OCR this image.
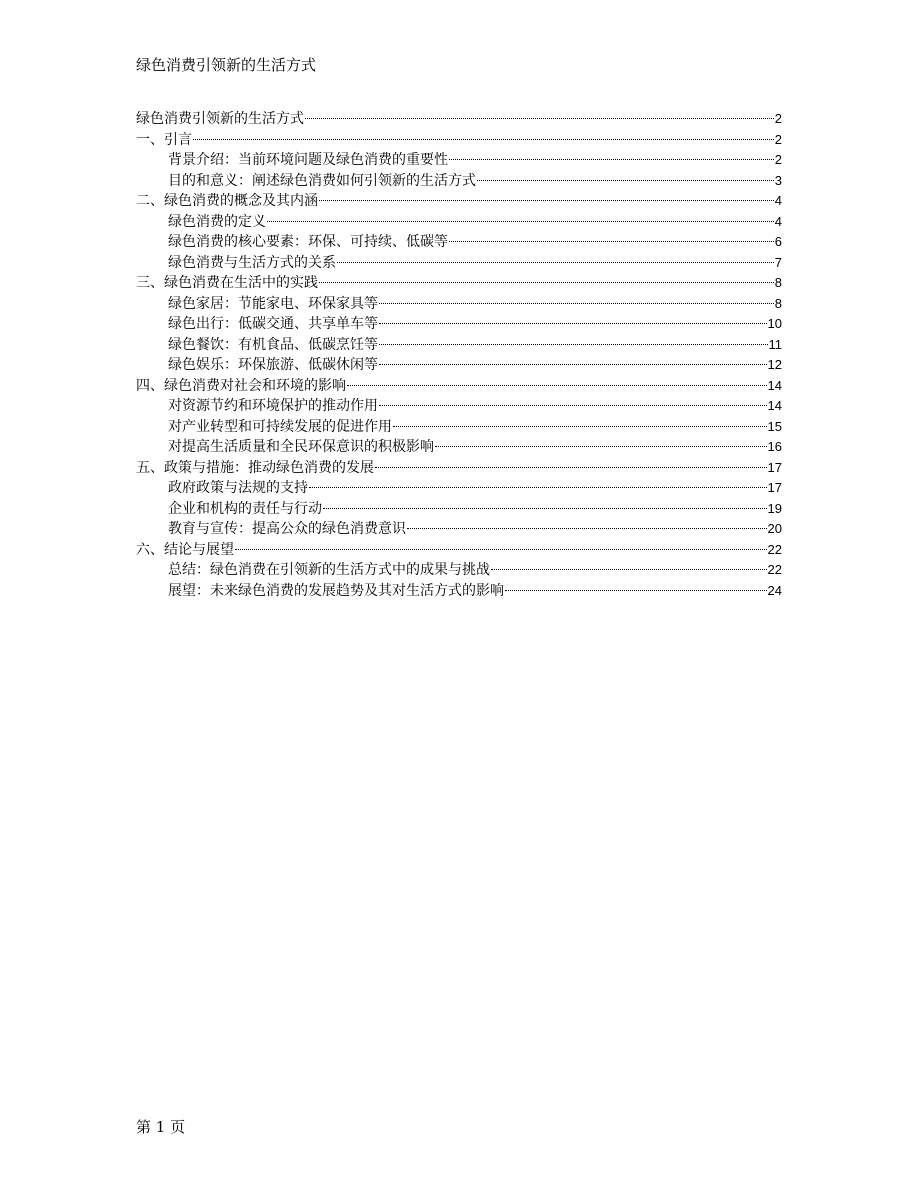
绿色消费引领新的生活方式
绿色消费引领新的生活方式	2
一、引言	2
背景介绍：当前环境问题及绿色消费的重要性	2
目的和意义：阐述绿色消费如何引领新的生活方式	3
二、绿色消费的概念及其内涵	4
绿色消费的定义	4
绿色消费的核心要素：环保、可持续、低碳等	6
绿色消费与生活方式的关系	7
三、绿色消费在生活中的实践	8
绿色家居：节能家电、环保家具等	8
绿色出行：低碳交通、共享单车等	10
绿色餐饮：有机食品、低碳烹饪等	11
绿色娱乐：环保旅游、低碳休闲等	12
四、绿色消费对社会和环境的影响	14
对资源节约和环境保护的推动作用	14
对产业转型和可持续发展的促进作用	15
对提高生活质量和全民环保意识的积极影响	16
五、政策与措施：推动绿色消费的发展	17
政府政策与法规的支持	17
企业和机构的责任与行动	19
教育与宣传：提高公众的绿色消费意识	20
六、结论与展望	22
总结：绿色消费在引领新的生活方式中的成果与挑战	22
展望：未来绿色消费的发展趋势及其对生活方式的影响	24
第 1 页
